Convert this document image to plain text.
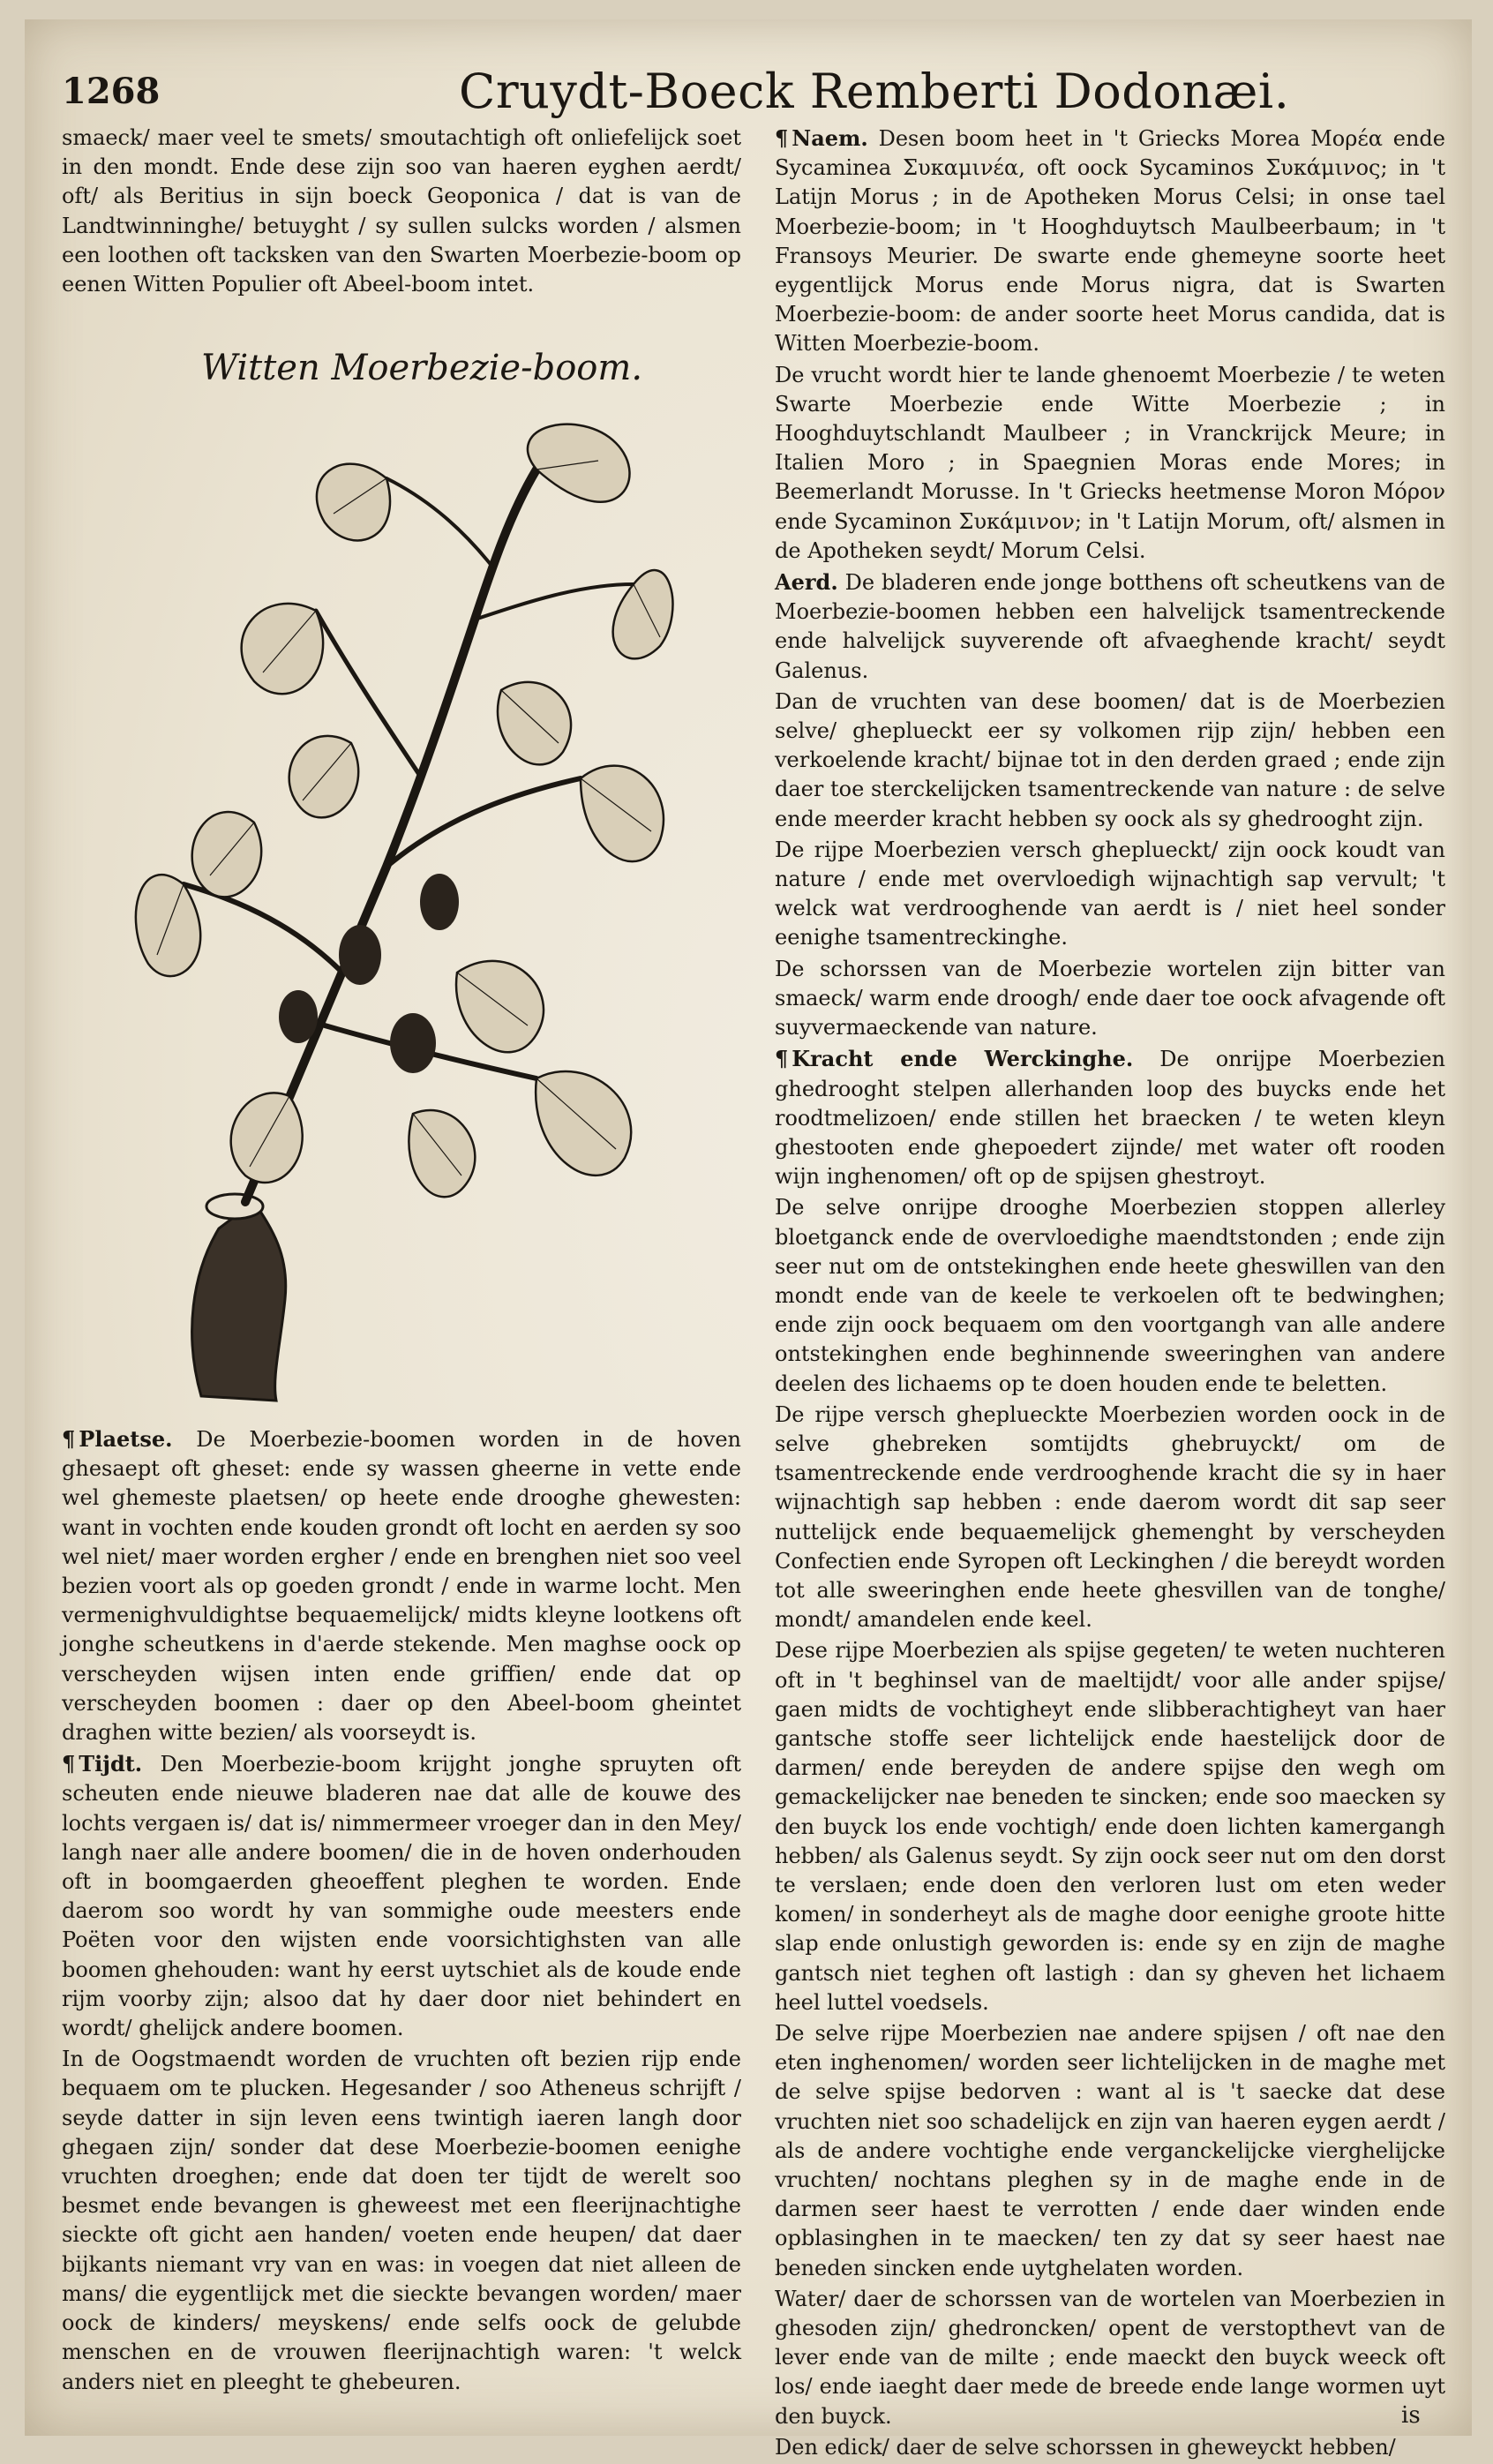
1268	Cruydt-Boeck Remberti Dodonæi.

smaeck/ maer veel te smets/ smoutachtigh oft onliefelijck soet in den mondt. Ende dese zijn soo van haeren eyghen aerdt/ oft/ als Beritius in sijn boeck Geoponica / dat is van de Landtwinninghe/ betuyght / sy sullen sulcks worden / alsmen een loothen oft tacksken van den Swarten Moerbezie-boom op eenen Witten Populier oft Abeel-boom intet.

Witten Moerbezie-boom.

¶ Plaetse. De Moerbezie-boomen worden in de hoven ghesaept oft gheset: ende sy wassen gheerne in vette ende wel ghemeste plaetsen/ op heete ende drooghe ghewesten: want in vochten ende kouden grondt oft locht en aerden sy soo wel niet/ maer worden ergher / ende en brenghen niet soo veel bezien voort als op goeden grondt / ende in warme locht. Men vermenighvuldightse bequaemelijck/ midts kleyne lootkens oft jonghe scheutkens in d'aerde stekende. Men maghse oock op verscheyden wijsen inten ende griffien/ ende dat op verscheyden boomen : daer op den Abeel-boom gheintet draghen witte bezien/ als voorseydt is.

¶ Tijdt. Den Moerbezie-boom krijght jonghe spruyten oft scheuten ende nieuwe bladeren nae dat alle de kouwe des lochts vergaen is/ dat is/ nimmermeer vroeger dan in den Mey/ langh naer alle andere boomen/ die in de hoven onderhouden oft in boomgaerden gheoeffent pleghen te worden. Ende daerom soo wordt hy van sommighe oude meesters ende Poëten voor den wijsten ende voorsichtighsten van alle boomen ghehouden: want hy eerst uytschiet als de koude ende rijm voorby zijn; alsoo dat hy daer door niet behindert en wordt/ ghelijck andere boomen.

In de Oogstmaendt worden de vruchten oft bezien rijp ende bequaem om te plucken. Hegesander / soo Atheneus schrijft / seyde datter in sijn leven eens twintigh iaeren langh door ghegaen zijn/ sonder dat dese Moerbezie-boomen eenighe vruchten droeghen; ende dat doen ter tijdt de werelt soo besmet ende bevangen is gheweest met een fleerijnachtighe sieckte oft gicht aen handen/ voeten ende heupen/ dat daer bijkants niemant vry van en was: in voegen dat niet alleen de mans/ die eygentlijck met die sieckte bevangen worden/ maer oock de kinders/ meyskens/ ende selfs oock de gelubde menschen en de vrouwen fleerijnachtigh waren: 't welck anders niet en pleeght te ghebeuren.

¶ Naem. Desen boom heet in 't Griecks Morea Μορέα ende Sycaminea Συκαμινέα, oft oock Sycaminos Συκάμινος; in 't Latijn Morus ; in de Apotheken Morus Celsi; in onse tael Moerbezie-boom; in 't Hooghduytsch Maulbeerbaum; in 't Fransoys Meurier. De swarte ende ghemeyne soorte heet eygentlijck Morus ende Morus nigra, dat is Swarten Moerbezie-boom: de ander soorte heet Morus candida, dat is Witten Moerbezie-boom.

De vrucht wordt hier te lande ghenoemt Moerbezie / te weten Swarte Moerbezie ende Witte Moerbezie ; in Hooghduytschlandt Maulbeer ; in Vranckrijck Meure; in Italien Moro ; in Spaegnien Moras ende Mores; in Beemerlandt Morusse. In 't Griecks heetmense Moron Μόρον ende Sycaminon Συκάμινον; in 't Latijn Morum, oft/ alsmen in de Apotheken seydt/ Morum Celsi.

Aerd. De bladeren ende jonge botthens oft scheutkens van de Moerbezie-boomen hebben een halvelijck tsamentreckende ende halvelijck suyverende oft afvaeghende kracht/ seydt Galenus.

Dan de vruchten van dese boomen/ dat is de Moerbezien selve/ gheplueckt eer sy volkomen rijp zijn/ hebben een verkoelende kracht/ bijnae tot in den derden graed ; ende zijn daer toe sterckelijcken tsamentreckende van nature : de selve ende meerder kracht hebben sy oock als sy ghedrooght zijn.

De rijpe Moerbezien versch gheplueckt/ zijn oock koudt van nature / ende met overvloedigh wijnachtigh sap vervult; 't welck wat verdrooghende van aerdt is / niet heel sonder eenighe tsamentreckinghe.

De schorssen van de Moerbezie wortelen zijn bitter van smaeck/ warm ende droogh/ ende daer toe oock afvagende oft suyvermaeckende van nature.

¶ Kracht ende Werckinghe. De onrijpe Moerbezien ghedrooght stelpen allerhanden loop des buycks ende het roodtmelizoen/ ende stillen het braecken / te weten kleyn ghestooten ende ghepoedert zijnde/ met water oft rooden wijn inghenomen/ oft op de spijsen ghestroyt.

De selve onrijpe drooghe Moerbezien stoppen allerley bloetganck ende de overvloedighe maendtstonden ; ende zijn seer nut om de ontstekinghen ende heete gheswillen van den mondt ende van de keele te verkoelen oft te bedwinghen; ende zijn oock bequaem om den voortgangh van alle andere ontstekinghen ende beghinnende sweeringhen van andere deelen des lichaems op te doen houden ende te beletten.

De rijpe versch gheplueckte Moerbezien worden oock in de selve ghebreken somtijdts ghebruyckt/ om de tsamentreckende ende verdrooghende kracht die sy in haer wijnachtigh sap hebben : ende daerom wordt dit sap seer nuttelijck ende bequaemelijck ghemenght by verscheyden Confectien ende Syropen oft Leckinghen / die bereydt worden tot alle sweeringhen ende heete ghesvillen van de tonghe/ mondt/ amandelen ende keel.

Dese rijpe Moerbezien als spijse gegeten/ te weten nuchteren oft in 't beghinsel van de maeltijdt/ voor alle ander spijse/ gaen midts de vochtigheyt ende slibberachtigheyt van haer gantsche stoffe seer lichtelijck ende haestelijck door de darmen/ ende bereyden de andere spijse den wegh om gemackelijcker nae beneden te sincken; ende soo maecken sy den buyck los ende vochtigh/ ende doen lichten kamergangh hebben/ als Galenus seydt. Sy zijn oock seer nut om den dorst te verslaen; ende doen den verloren lust om eten weder komen/ in sonderheyt als de maghe door eenighe groote hitte slap ende onlustigh geworden is: ende sy en zijn de maghe gantsch niet teghen oft lastigh : dan sy gheven het lichaem heel luttel voedsels.

De selve rijpe Moerbezien nae andere spijsen / oft nae den eten inghenomen/ worden seer lichtelijcken in de maghe met de selve spijse bedorven : want al is 't saecke dat dese vruchten niet soo schadelijck en zijn van haeren eygen aerdt / als de andere vochtighe ende verganckelijcke vierghelijcke vruchten/ nochtans pleghen sy in de maghe ende in de darmen seer haest te verrotten / ende daer winden ende opblasinghen in te maecken/ ten zy dat sy seer haest nae beneden sincken ende uytghelaten worden.

Water/ daer de schorssen van de wortelen van Moerbezien in ghesoden zijn/ ghedroncken/ opent de verstopthevt van de lever ende van de milte ; ende maeckt den buyck weeck oft los/ ende iaeght daer mede de breede ende lange wormen uyt den buyck.

Den edick/ daer de selve schorssen in gheweyckt hebben/

is
